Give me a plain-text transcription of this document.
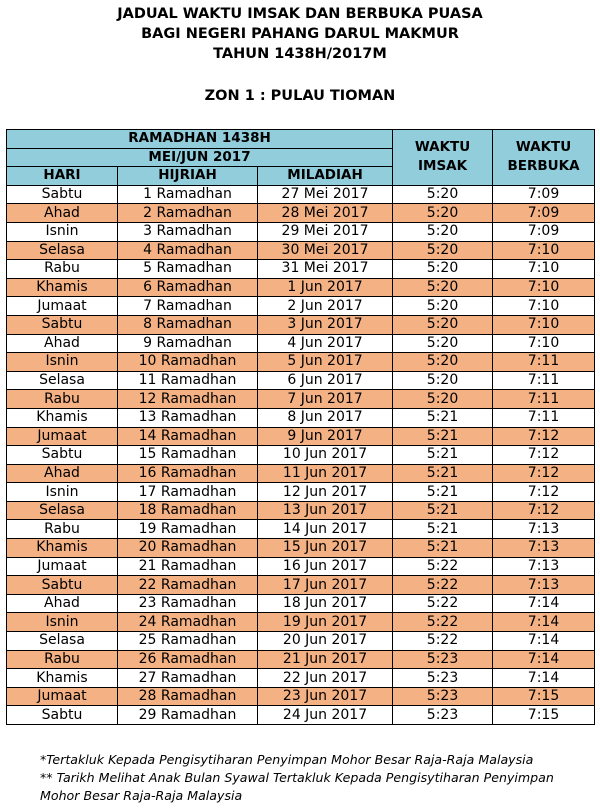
JADUAL WAKTU IMSAK DAN BERBUKA PUASA
BAGI NEGERI PAHANG DARUL MAKMUR
TAHUN 1438H/2017M
ZON 1 : PULAU TIOMAN
RAMADHAN 1438H			WAKTU IMSAK	WAKTU BERBUKA
MEI/JUN 2017				
HARI	HIJRIAH	MILADIAH		
Sabtu	1 Ramadhan	27 Mei 2017	5:20	7:09
Ahad	2 Ramadhan	28 Mei 2017	5:20	7:09
Isnin	3 Ramadhan	29 Mei 2017	5:20	7:09
Selasa	4 Ramadhan	30 Mei 2017	5:20	7:10
Rabu	5 Ramadhan	31 Mei 2017	5:20	7:10
Khamis	6 Ramadhan	1 Jun 2017	5:20	7:10
Jumaat	7 Ramadhan	2 Jun 2017	5:20	7:10
Sabtu	8 Ramadhan	3 Jun 2017	5:20	7:10
Ahad	9 Ramadhan	4 Jun 2017	5:20	7:10
Isnin	10 Ramadhan	5 Jun 2017	5:20	7:11
Selasa	11 Ramadhan	6 Jun 2017	5:20	7:11
Rabu	12 Ramadhan	7 Jun 2017	5:20	7:11
Khamis	13 Ramadhan	8 Jun 2017	5:21	7:11
Jumaat	14 Ramadhan	9 Jun 2017	5:21	7:12
Sabtu	15 Ramadhan	10 Jun 2017	5:21	7:12
Ahad	16 Ramadhan	11 Jun 2017	5:21	7:12
Isnin	17 Ramadhan	12 Jun 2017	5:21	7:12
Selasa	18 Ramadhan	13 Jun 2017	5:21	7:12
Rabu	19 Ramadhan	14 Jun 2017	5:21	7:13
Khamis	20 Ramadhan	15 Jun 2017	5:21	7:13
Jumaat	21 Ramadhan	16 Jun 2017	5:22	7:13
Sabtu	22 Ramadhan	17 Jun 2017	5:22	7:13
Ahad	23 Ramadhan	18 Jun 2017	5:22	7:14
Isnin	24 Ramadhan	19 Jun 2017	5:22	7:14
Selasa	25 Ramadhan	20 Jun 2017	5:22	7:14
Rabu	26 Ramadhan	21 Jun 2017	5:23	7:14
Khamis	27 Ramadhan	22 Jun 2017	5:23	7:14
Jumaat	28 Ramadhan	23 Jun 2017	5:23	7:15
Sabtu	29 Ramadhan	24 Jun 2017	5:23	7:15
*Tertakluk Kepada Pengisytiharan Penyimpan Mohor Besar Raja-Raja Malaysia
** Tarikh Melihat Anak Bulan Syawal Tertakluk Kepada Pengisytiharan Penyimpan Mohor Besar Raja-Raja Malaysia
